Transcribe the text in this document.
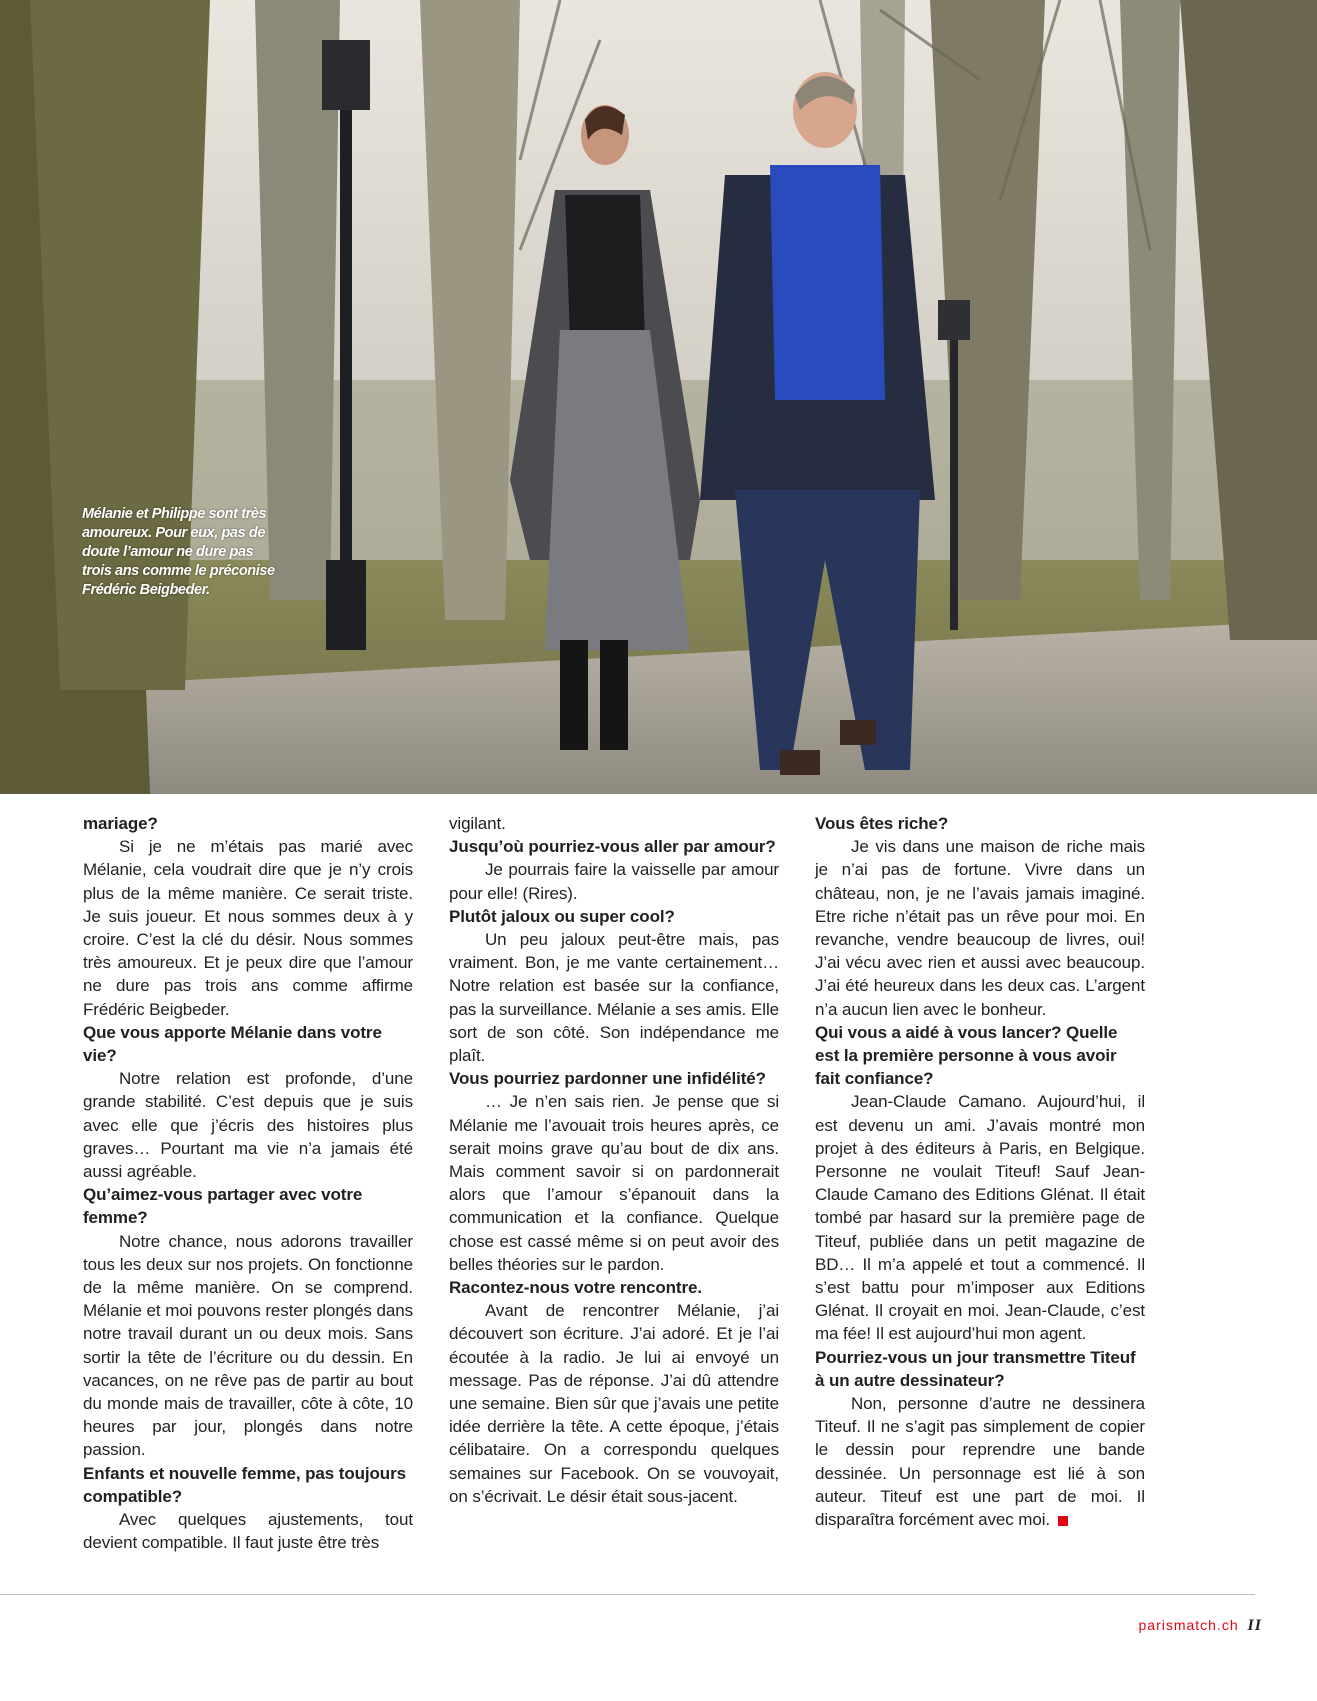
Mélanie et Philippe sont très amoureux. Pour eux, pas de doute l’amour ne dure pas trois ans comme le préconise Frédéric Beigbeder.

mariage?

Si je ne m’étais pas marié avec Mélanie, cela voudrait dire que je n’y crois plus de la même manière. Ce serait triste. Je suis joueur. Et nous sommes deux à y croire. C’est la clé du désir. Nous sommes très amoureux. Et je peux dire que l’amour ne dure pas trois ans comme affirme Frédéric Beigbeder.

Que vous apporte Mélanie dans votre vie?

Notre relation est profonde, d’une grande stabilité. C’est depuis que je suis avec elle que j’écris des histoires plus graves… Pourtant ma vie n’a jamais été aussi agréable.

Qu’aimez-vous partager avec votre femme?

Notre chance, nous adorons travailler tous les deux sur nos projets. On fonctionne de la même manière. On se comprend. Mélanie et moi pouvons rester plongés dans notre travail durant un ou deux mois. Sans sortir la tête de l’écriture ou du dessin. En vacances, on ne rêve pas de partir au bout du monde mais de travailler, côte à côte, 10 heures par jour, plongés dans notre passion.

Enfants et nouvelle femme, pas toujours compatible?

Avec quelques ajustements, tout devient compatible. Il faut juste être très

vigilant.

Jusqu’où pourriez-vous aller par amour?

Je pourrais faire la vaisselle par amour pour elle! (Rires).

Plutôt jaloux ou super cool?

Un peu jaloux peut-être mais, pas vraiment. Bon, je me vante certainement… Notre relation est basée sur la confiance, pas la surveillance. Mélanie a ses amis. Elle sort de son côté. Son indépendance me plaît.

Vous pourriez pardonner une infidélité?

… Je n’en sais rien. Je pense que si Mélanie me l’avouait trois heures après, ce serait moins grave qu’au bout de dix ans. Mais comment savoir si on pardonnerait alors que l’amour s’épanouit dans la communication et la confiance. Quelque chose est cassé même si on peut avoir des belles théories sur le pardon.

Racontez-nous votre rencontre.

Avant de rencontrer Mélanie, j’ai découvert son écriture. J’ai adoré. Et je l’ai écoutée à la radio. Je lui ai envoyé un message. Pas de réponse. J’ai dû attendre une semaine. Bien sûr que j’avais une petite idée derrière la tête. A cette époque, j’étais célibataire. On a correspondu quelques semaines sur Facebook. On se vouvoyait, on s’écrivait. Le désir était sous-jacent.

Vous êtes riche?

Je vis dans une maison de riche mais je n’ai pas de fortune. Vivre dans un château, non, je ne l’avais jamais imaginé. Etre riche n’était pas un rêve pour moi. En revanche, vendre beaucoup de livres, oui! J’ai vécu avec rien et aussi avec beaucoup. J’ai été heureux dans les deux cas. L’argent n’a aucun lien avec le bonheur.

Qui vous a aidé à vous lancer? Quelle est la première personne à vous avoir fait confiance?

Jean-Claude Camano. Aujourd’hui, il est devenu un ami. J’avais montré mon projet à des éditeurs à Paris, en Belgique. Personne ne voulait Titeuf! Sauf Jean-Claude Camano des Editions Glénat. Il était tombé par hasard sur la première page de Titeuf, publiée dans un petit magazine de BD… Il m’a appelé et tout a commencé. Il s’est battu pour m’imposer aux Editions Glénat. Il croyait en moi. Jean-Claude, c’est ma fée! Il est aujourd’hui mon agent.

Pourriez-vous un jour transmettre Titeuf à un autre dessinateur?

Non, personne d’autre ne dessinera Titeuf. Il ne s’agit pas simplement de copier le dessin pour reprendre une bande dessinée. Un personnage est lié à son auteur. Titeuf est une part de moi. Il disparaîtra forcément avec moi.

parismatch.ch II
